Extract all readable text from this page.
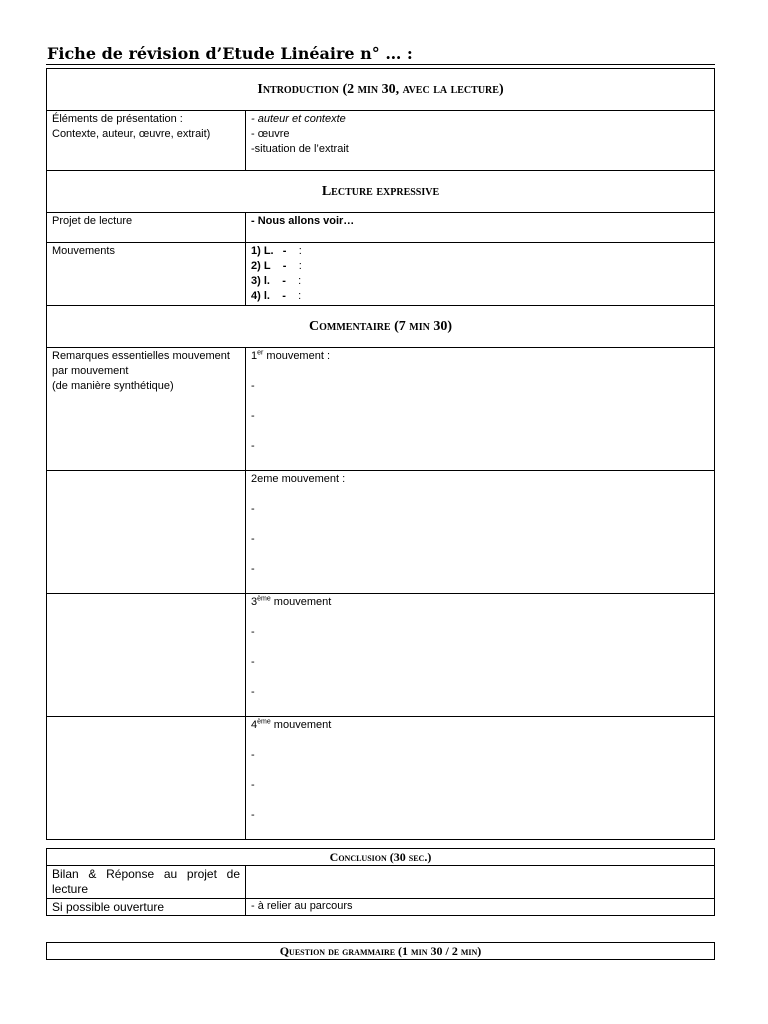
Fiche de révision d’Etude Linéaire n° … :
Introduction (2 min 30, avec la lecture)	

Éléments de présentation :
Contexte, auteur, œuvre, extrait)	- auteur et contexte
- œuvre
-situation de l’extrait

Lecture expressive	
Projet de lecture	- Nous allons voir…
Mouvements	1) L. - :
2) L - :
3) l. - :
4) l. - :

Commentaire (7 min 30)	

Remarques essentielles mouvement
par mouvement
(de manière synthétique)	1er mouvement :
-
-
-

	2eme mouvement :
-
-
-

	3ème mouvement
-
-
-

	4ème mouvement
-
-
-
Conclusion (30 sec.)	
Bilan & Réponse au projet de lecture	
Si possible ouverture	- à relier au parcours
Question de grammaire (1 min 30 / 2 min)
